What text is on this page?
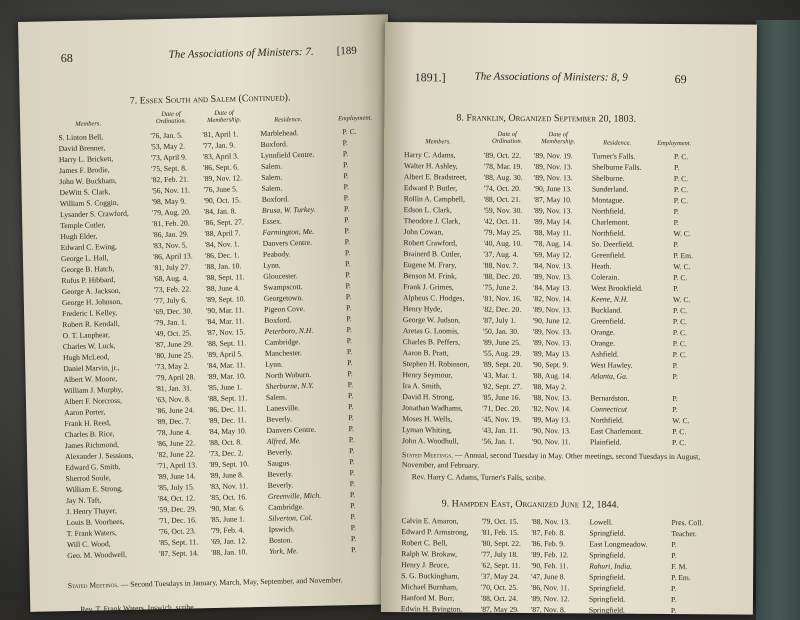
68	The Associations of Ministers: 7. [189
7. Essex South and Salem (Continued).
Members.
Date of Ordination.
Date of Membership.	Residence.	Employment.
S. Linton Bell,	'76, Jan. 5.	'81, April 1.	Marblehead.	P. C.
David Brenner,	'53, May 2. '77, Jan. 9.	Boxford.	P.
Harry L. Brickett,	'73, April 9. '83, April 3.	Lynnfield Centre.	P.
James F. Brodie,	'75, Sept. 8. '86, Sept. 6.	Salem.	P.
John W. Buckham,	'82, Feb. 21. '89, Nov. 12.	Salem.	P.
DeWitt S. Clark,	'56, Nov. 11. '76, June 5.	Salem.	P.
William S. Coggin,	'98, May 9. '90, Oct. 15.	Boxford.	P.
Lysander S. Crawford,	'79, Aug. 20. '84, Jan. 8.	Brusa, W. Turkey.	P.
Temple Cutler,	'81, Feb. 20. '86, Sept. 27. Essex.	P.
Hugh Elder,	'86, Jan. 29. '88, April 7.	Farmington, Me.	P.
Edward C. Ewing,	'83, Nov. 5. '84, Nov. 1.	Danvers Centre.	P.
George L. Hall,	'86, April 13. '86, Dec. 1.	Peabody.	P.
George B. Hatch,	'81, July 27. '88, Jan. 10.	Lynn.	P.
Rufus P. Hibbard,	'68, Aug. 4. '88, Sept. 11. Gloucester.	P.
George A. Jackson,	'73, Feb. 22. '88, June 4.	Swampscott.	P.
George H. Johnson,	'77, July 6. '89, Sept. 10. Georgetown.	P.
Frederic I. Kelley,	'69, Dec. 30. '90, Mar. 11.	Pigeon Cove.	P.
Robert R. Kendall,	'79, Jan. 1.	'84, Mar. 11.	Boxford.	P.
O. T. Lanphear,	'49, Oct. 25. '87, Nov. 15.	Peterboro, N.H.	P.
Charles W. Luck,	'87, June 29. '88, Sept. 11. Cambridge.	P.
Hugh McLeod,	'80, June 25. '89, April 5.	Manchester.	P.
Daniel Marvin, jr.,	'73, May 2. '84, Mar. 11.	Lynn.	P.
Albert W. Moore,	'79, April 28. '89, Mar. 10.	North Woburn.	P.
William J. Murphy,	'81, Jan. 31. '85, June 1.	Sherburne, N.Y.	P.
Albert F. Norcross,	'63, Nov. 8. '88, Sept. 11. Salem.	P.
Aaron Porter,	'86, June 24. '86, Dec. 11.	Lanesville.	P.
Frank H. Reed,	'89, Dec. 7. '89, Dec. 11.	Beverly.	P.
Charles B. Rice,	'78, June 4. '84, May 10.	Danvers Centre.	P.
James Richmond,	'86, June 22. '88, Oct. 8.	Alfred, Me.	P.
Alexander J. Sessions,	'82, June 22. '73, Dec. 2.	Beverly.	P.
Edward G. Smith,	'71, April 13. '89, Sept. 10. Saugus.	P.
Sherrod Soule,	'89, June 14. '89, June 8.	Beverly.	P.
William E. Strong,	'85, July 15. '83, Nov. 11.	Beverly.	P.
Jay N. Taft,	'84, Oct. 12. '85, Oct. 16.	Greenville, Mich.	P.
J. Henry Thayer,	'59, Dec. 29. '90, Mar. 6.	Cambridge.	P.
Louis B. Voorhees,	'71, Dec. 16. '85, June 1.	Silverton, Col.	P.
T. Frank Waters,	'76, Oct. 23. '79, Feb. 4.	Ipswich.	P.
Will C. Wood,	'85, Sept. 11. '69, Jan. 12.	Boston.	P.
Geo. M. Woodwell,	'87, Sept. 14. '88, Jan. 10.	York, Me.	P.
Stated Meetings. — Second Tuesdays in January, March, May, September, and November.
Rev. T. Frank Waters, Ipswich, scribe.
1891.]	The Associations of Ministers: 8, 9	69
8. Franklin, Organized September 20, 1803.
Members.
Date of Ordination.
Date of Membership.	Residence.	Employment.
Harry C. Adams,	'89, Oct. 22. '89, Nov. 19.	Turner's Falls.	P. C.
Walter H. Ashley,	'78, Mar. 19. '89, Nov. 13.	Shelburne Falls.	P.
Albert E. Bradstreet, '88, Aug. 30. '89, Nov. 13.	Shelburne.	P. C.
Edward P. Butler,	'74, Oct. 20. '90, June 13.	Sunderland.	P. C.
Rollin A. Campbell, '88, Oct. 21. '87, May 10.	Montague.	P. C.
Edson L. Clark,	'59, Nov. 30. '89, Nov. 13.	Northfield.	P.
Theodore J. Clark,	'42, Oct. 11. '89, May 14.	Charlemont.	P.
John Cowan,	'79, May 25. '88, May 11.	Northfield.	W. C.
Robert Crawford,	'40, Aug. 10. '78, Aug. 14.	So. Deerfield.	P.
Brainerd B. Cutler,	'37, Aug. 4. '69, May 12.	Greenfield.	P. Em.
Eugene M. Frary,	'88, Nov. 7. '84, Nov. 13.	Heath.	W. C.
Benson M. Frink,	'88, Dec. 20. '89, Nov. 13.	Colerain.	P. C.
Frank J. Grimes,	'75, June 2. '84, May 13.	West Brookfield.	P.
Alpheus C. Hodges, '81, Nov. 16. '82, Nov. 14.	Keene, N.H.	W. C.
Henry Hyde,	'82, Dec. 20. '89, Nov. 13.	Buckland.	P. C.
George W. Judson,	'87, July 1. '90, June 12.	Greenfield.	P. C.
Aretas G. Loomis,	'50, Jan. 30. '89, Nov. 13.	Orange.	P. C.
Charles B. Peffers,	'89, June 25. '89, Nov. 13.	Orange.	P. C.
Aaron B. Pratt,	'55, Aug. 29. '89, May 13.	Ashfield.	P. C.
Stephen H. Robinson, '89, Sept. 20. '90, Sept. 9.	West Hawley.	P.
Henry Seymour,	'43, Mar. 1. '88, Aug. 14.	Atlanta, Ga.	P.
Ira A. Smith,	'82, Sept. 27. '88, May 2.
David H. Strong,	'85, June 16. '88, Nov. 13.	Bernardston.	P.
Jonathan Wadhams,	'71, Dec. 20. '82, Nov. 14.	Connecticut	P.
Moses H. Wells,	'45, Nov. 19. '89, May 13.	Northfield.	W. C.
Lyman Whiting,	'43, Jan. 11. '90, Nov. 13.	East Charlemont.	P. C.
John A. Woodhull,	'56, Jan. 1. '90, Nov. 11.	Plainfield.	P. C.
Stated Meetings. — Annual, second Tuesday in May. Other meetings, second Tuesdays in August, November, and February.
Rev. Harry C. Adams, Turner's Falls, scribe.
9. Hampden East, Organized June 12, 1844.
Calvin E. Amaron,	'79, Oct. 15. '88, Nov. 13.	Lowell.	Pres. Coll.
Edward P. Armstrong, '81, Feb. 15. '87, Feb. 8.	Springfield.	Teacher.
Robert C. Bell,	'80, Sept. 22. '86, Feb. 9.	East Longmeadow.	P.
Ralph W. Brokaw,	'77, July 18. '89, Feb. 12.	Springfield.	P.
Henry J. Bruce,	'62, Sept. 11. '90, Feb. 11.	Rahuri, India.	F. M.
S. G. Buckingham,	'37, May 24. '47, June 8.	Springfield.	P. Em.
Michael Burnham,	'70, Oct. 25. '86, Nov. 11.	Springfield.	P.
Hanford M. Burr,	'88, Oct. 24. '89, Nov. 12.	Springfield.	P.
Edwin H. Byington, '87, May 29. '87, Nov. 8.	Springfield.	P.
